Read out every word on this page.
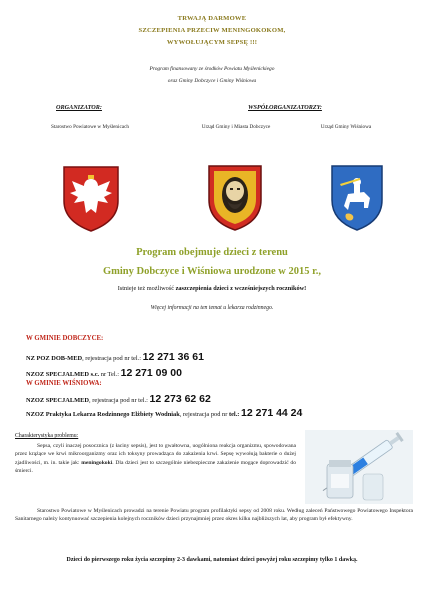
TRWAJĄ DARMOWE
SZCZEPIENIA PRZECIW MENINGOKOKOM,
WYWOŁUJĄCYM SEPSĘ !!!
Program finansowany ze środków Powiatu Myślenickiego
oraz Gminy Dobczyce i Gminy Wiśniowa
ORGANIZATOR:	WSPÓŁORGANIZATORZY:
Starostwo Powiatowe w Myślenicach	Urząd Gminy i Miasta Dobczyce	Urząd Gminy Wiśniowa
Program obejmuje dzieci z terenu
Gminy Dobczyce i Wiśniowa urodzone w 2015 r.,
Istnieje też możliwość zaszczepienia dzieci z wcześniejszych roczników!
Więcej informacji na ten temat u lekarza rodzinnego.
W GMINIE DOBCZYCE:
NZ POZ DOB-MED, rejestracja pod nr tel.: 12 271 36 61
NZOZ SPECJALMED s.c. nr Tel.: 12 271 09 00
W GMINIE WIŚNIOWA:
NZOZ SPECJALMED, rejestracja pod nr tel.: 12 273 62 62
NZOZ Praktyka Lekarza Rodzinnego Elżbiety Wodniak, rejestracja pod nr tel.: 12 271 44 24
Charakterystyka problemu:
Sepsa, czyli inaczej posocznica (z łaciny sepsis), jest to gwałtowna, uogólniona reakcja organizmu, spowodowana przez krążące we krwi mikroorganizmy oraz ich toksyny prowadząca do zakażenia krwi. Sepsę wywołują bakterie o dużej zjadliwości, m. in. takie jak: meningokoki. Dla dzieci jest to szczególnie niebezpieczne zakażenie mogące doprowadzić do śmierci.
Starostwo Powiatowe w Myślenicach prowadzi na terenie Powiatu program profilaktyki sepsy od 2008 roku. Według zaleceń Państwowego Powiatowego Inspektora Sanitarnego należy kontynuować szczepienia kolejnych roczników dzieci przynajmniej przez okres kilku najbliższych lat, aby program był efektywny.
Dzieci do pierwszego roku życia szczepimy 2-3 dawkami, natomiast dzieci powyżej roku szczepimy tylko 1 dawką.
